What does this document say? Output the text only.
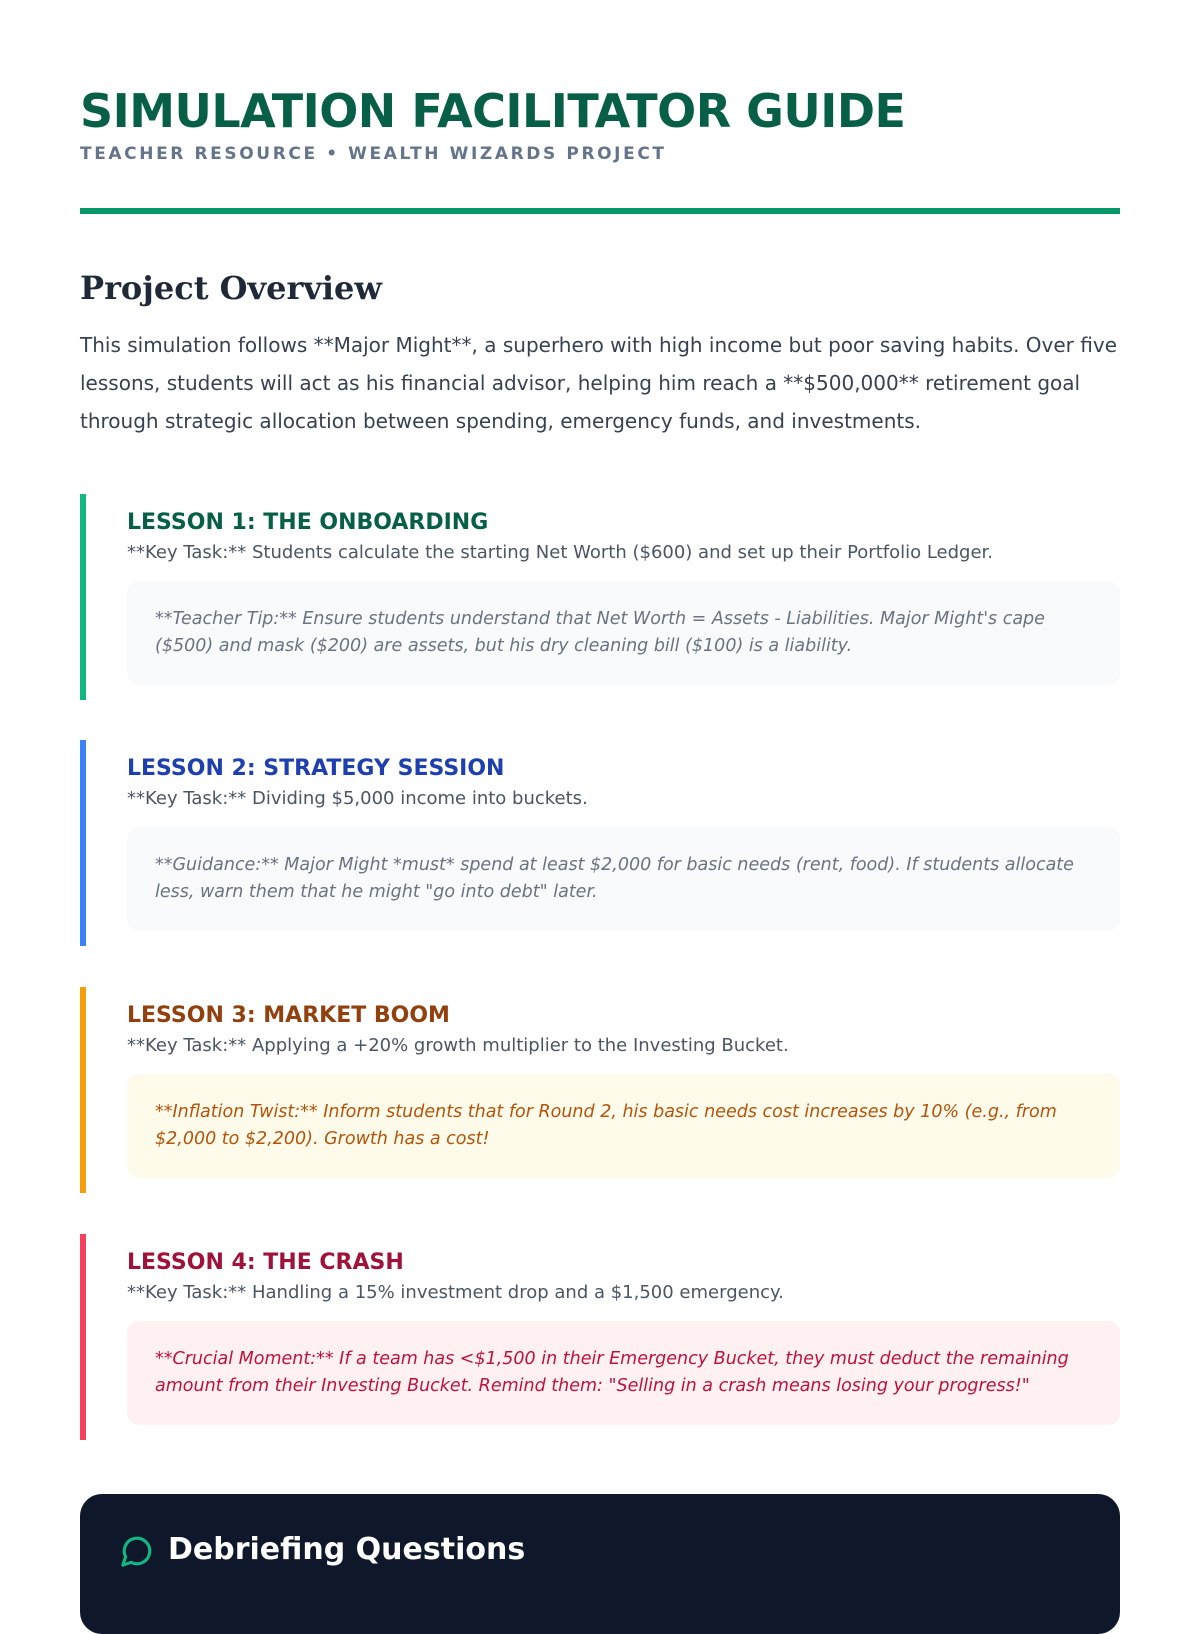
SIMULATION FACILITATOR GUIDE
TEACHER RESOURCE • WEALTH WIZARDS PROJECT
Project Overview

This simulation follows **Major Might**, a superhero with high income but poor saving habits. Over five lessons, students will act as his financial advisor, helping him reach a **$500,000** retirement goal through strategic allocation between spending, emergency funds, and investments.

LESSON 1: THE ONBOARDING

**Key Task:** Students calculate the starting Net Worth ($600) and set up their Portfolio Ledger.

**Teacher Tip:** Ensure students understand that Net Worth = Assets - Liabilities. Major Might's cape ($500) and mask ($200) are assets, but his dry cleaning bill ($100) is a liability.

LESSON 2: STRATEGY SESSION

**Key Task:** Dividing $5,000 income into buckets.

**Guidance:** Major Might *must* spend at least $2,000 for basic needs (rent, food). If students allocate less, warn them that he might "go into debt" later.

LESSON 3: MARKET BOOM

**Key Task:** Applying a +20% growth multiplier to the Investing Bucket.

**Inflation Twist:** Inform students that for Round 2, his basic needs cost increases by 10% (e.g., from $2,000 to $2,200). Growth has a cost!

LESSON 4: THE CRASH

**Key Task:** Handling a 15% investment drop and a $1,500 emergency.

**Crucial Moment:** If a team has <$1,500 in their Emergency Bucket, they must deduct the remaining amount from their Investing Bucket. Remind them: "Selling in a crash means losing your progress!"

Debriefing Questions
